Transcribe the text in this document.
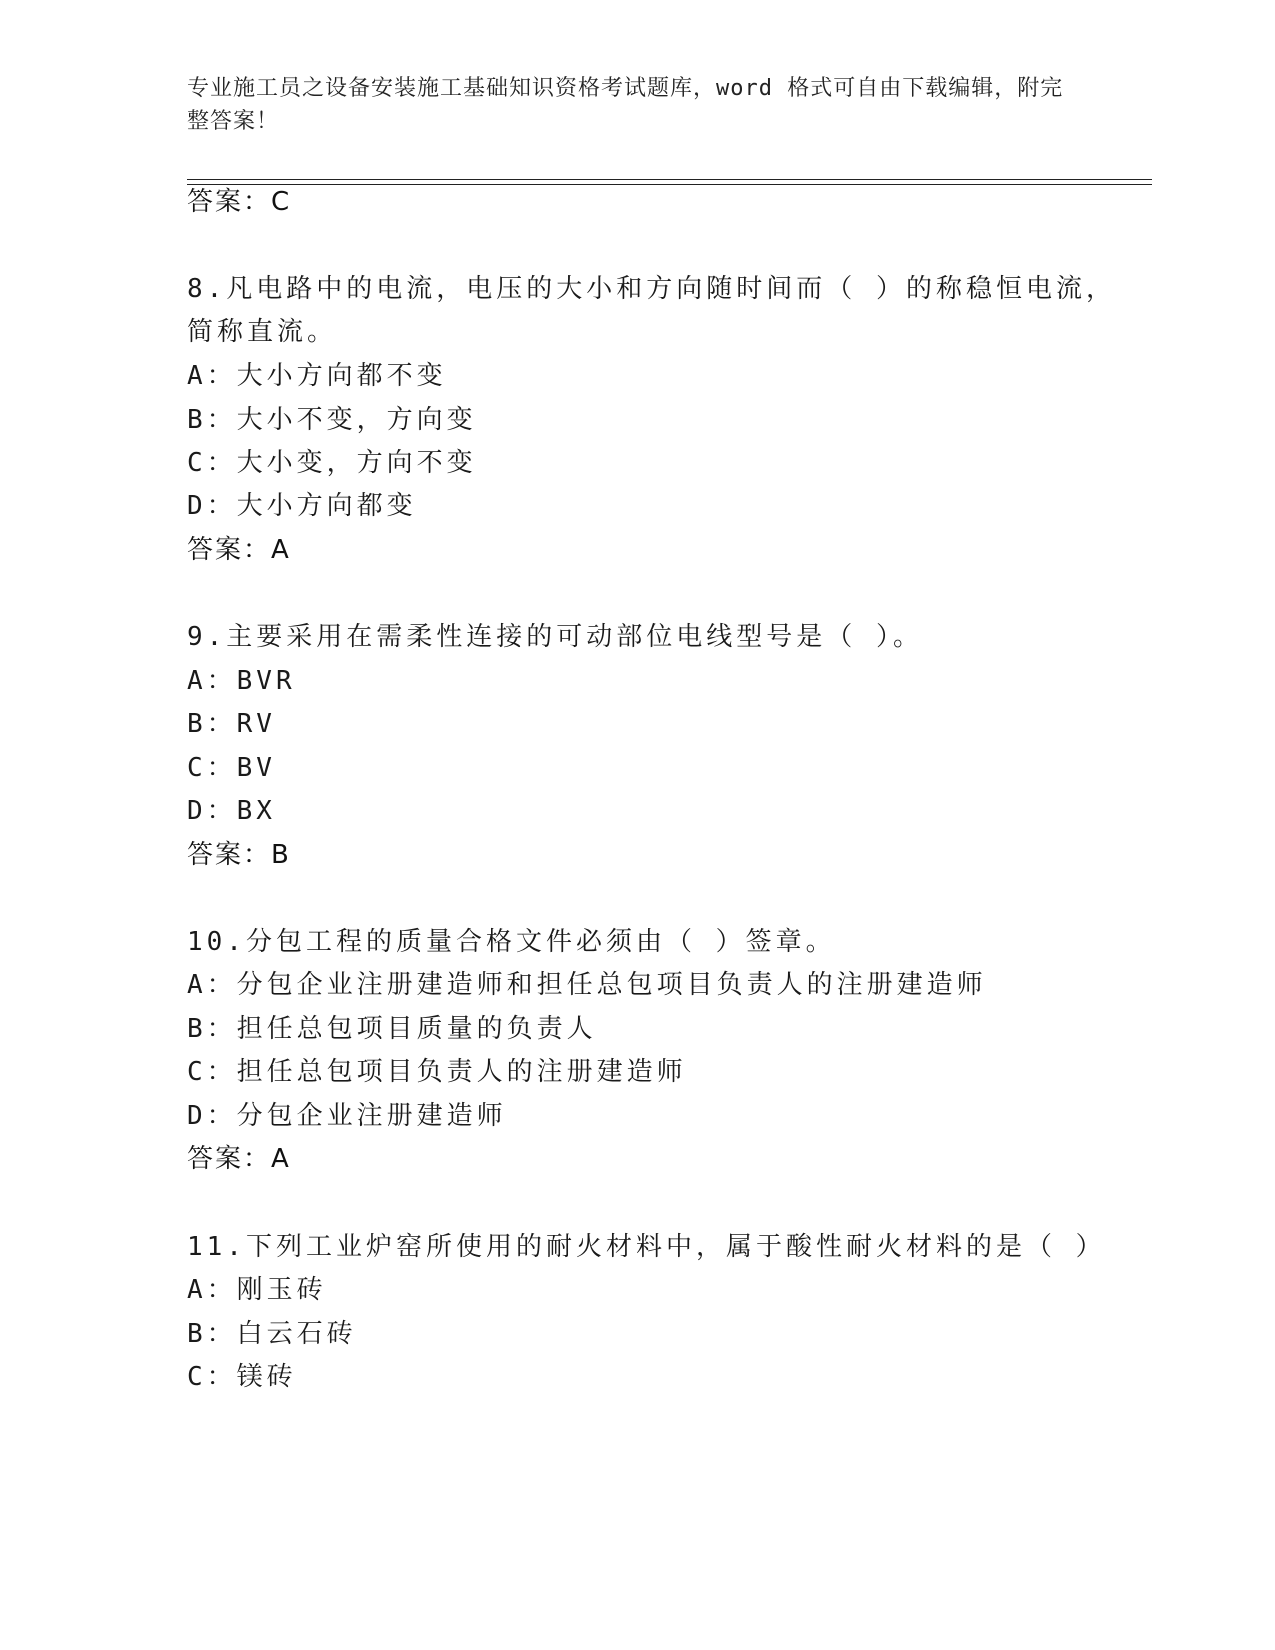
专业施工员之设备安装施工基础知识资格考试题库，word 格式可自由下载编辑，附完整答案！
答案：C
8.凡电路中的电流，电压的大小和方向随时间而（ ）的称稳恒电流，
简称直流。
A：大小方向都不变
B：大小不变，方向变
C：大小变，方向不变
D：大小方向都变
答案：A
9.主要采用在需柔性连接的可动部位电线型号是（ ）。
A：BVR
B：RV
C：BV
D：BX
答案：B
10.分包工程的质量合格文件必须由（ ）签章。
A：分包企业注册建造师和担任总包项目负责人的注册建造师
B：担任总包项目质量的负责人
C：担任总包项目负责人的注册建造师
D：分包企业注册建造师
答案：A
11.下列工业炉窑所使用的耐火材料中，属于酸性耐火材料的是（ ）
A：刚玉砖
B：白云石砖
C：镁砖
